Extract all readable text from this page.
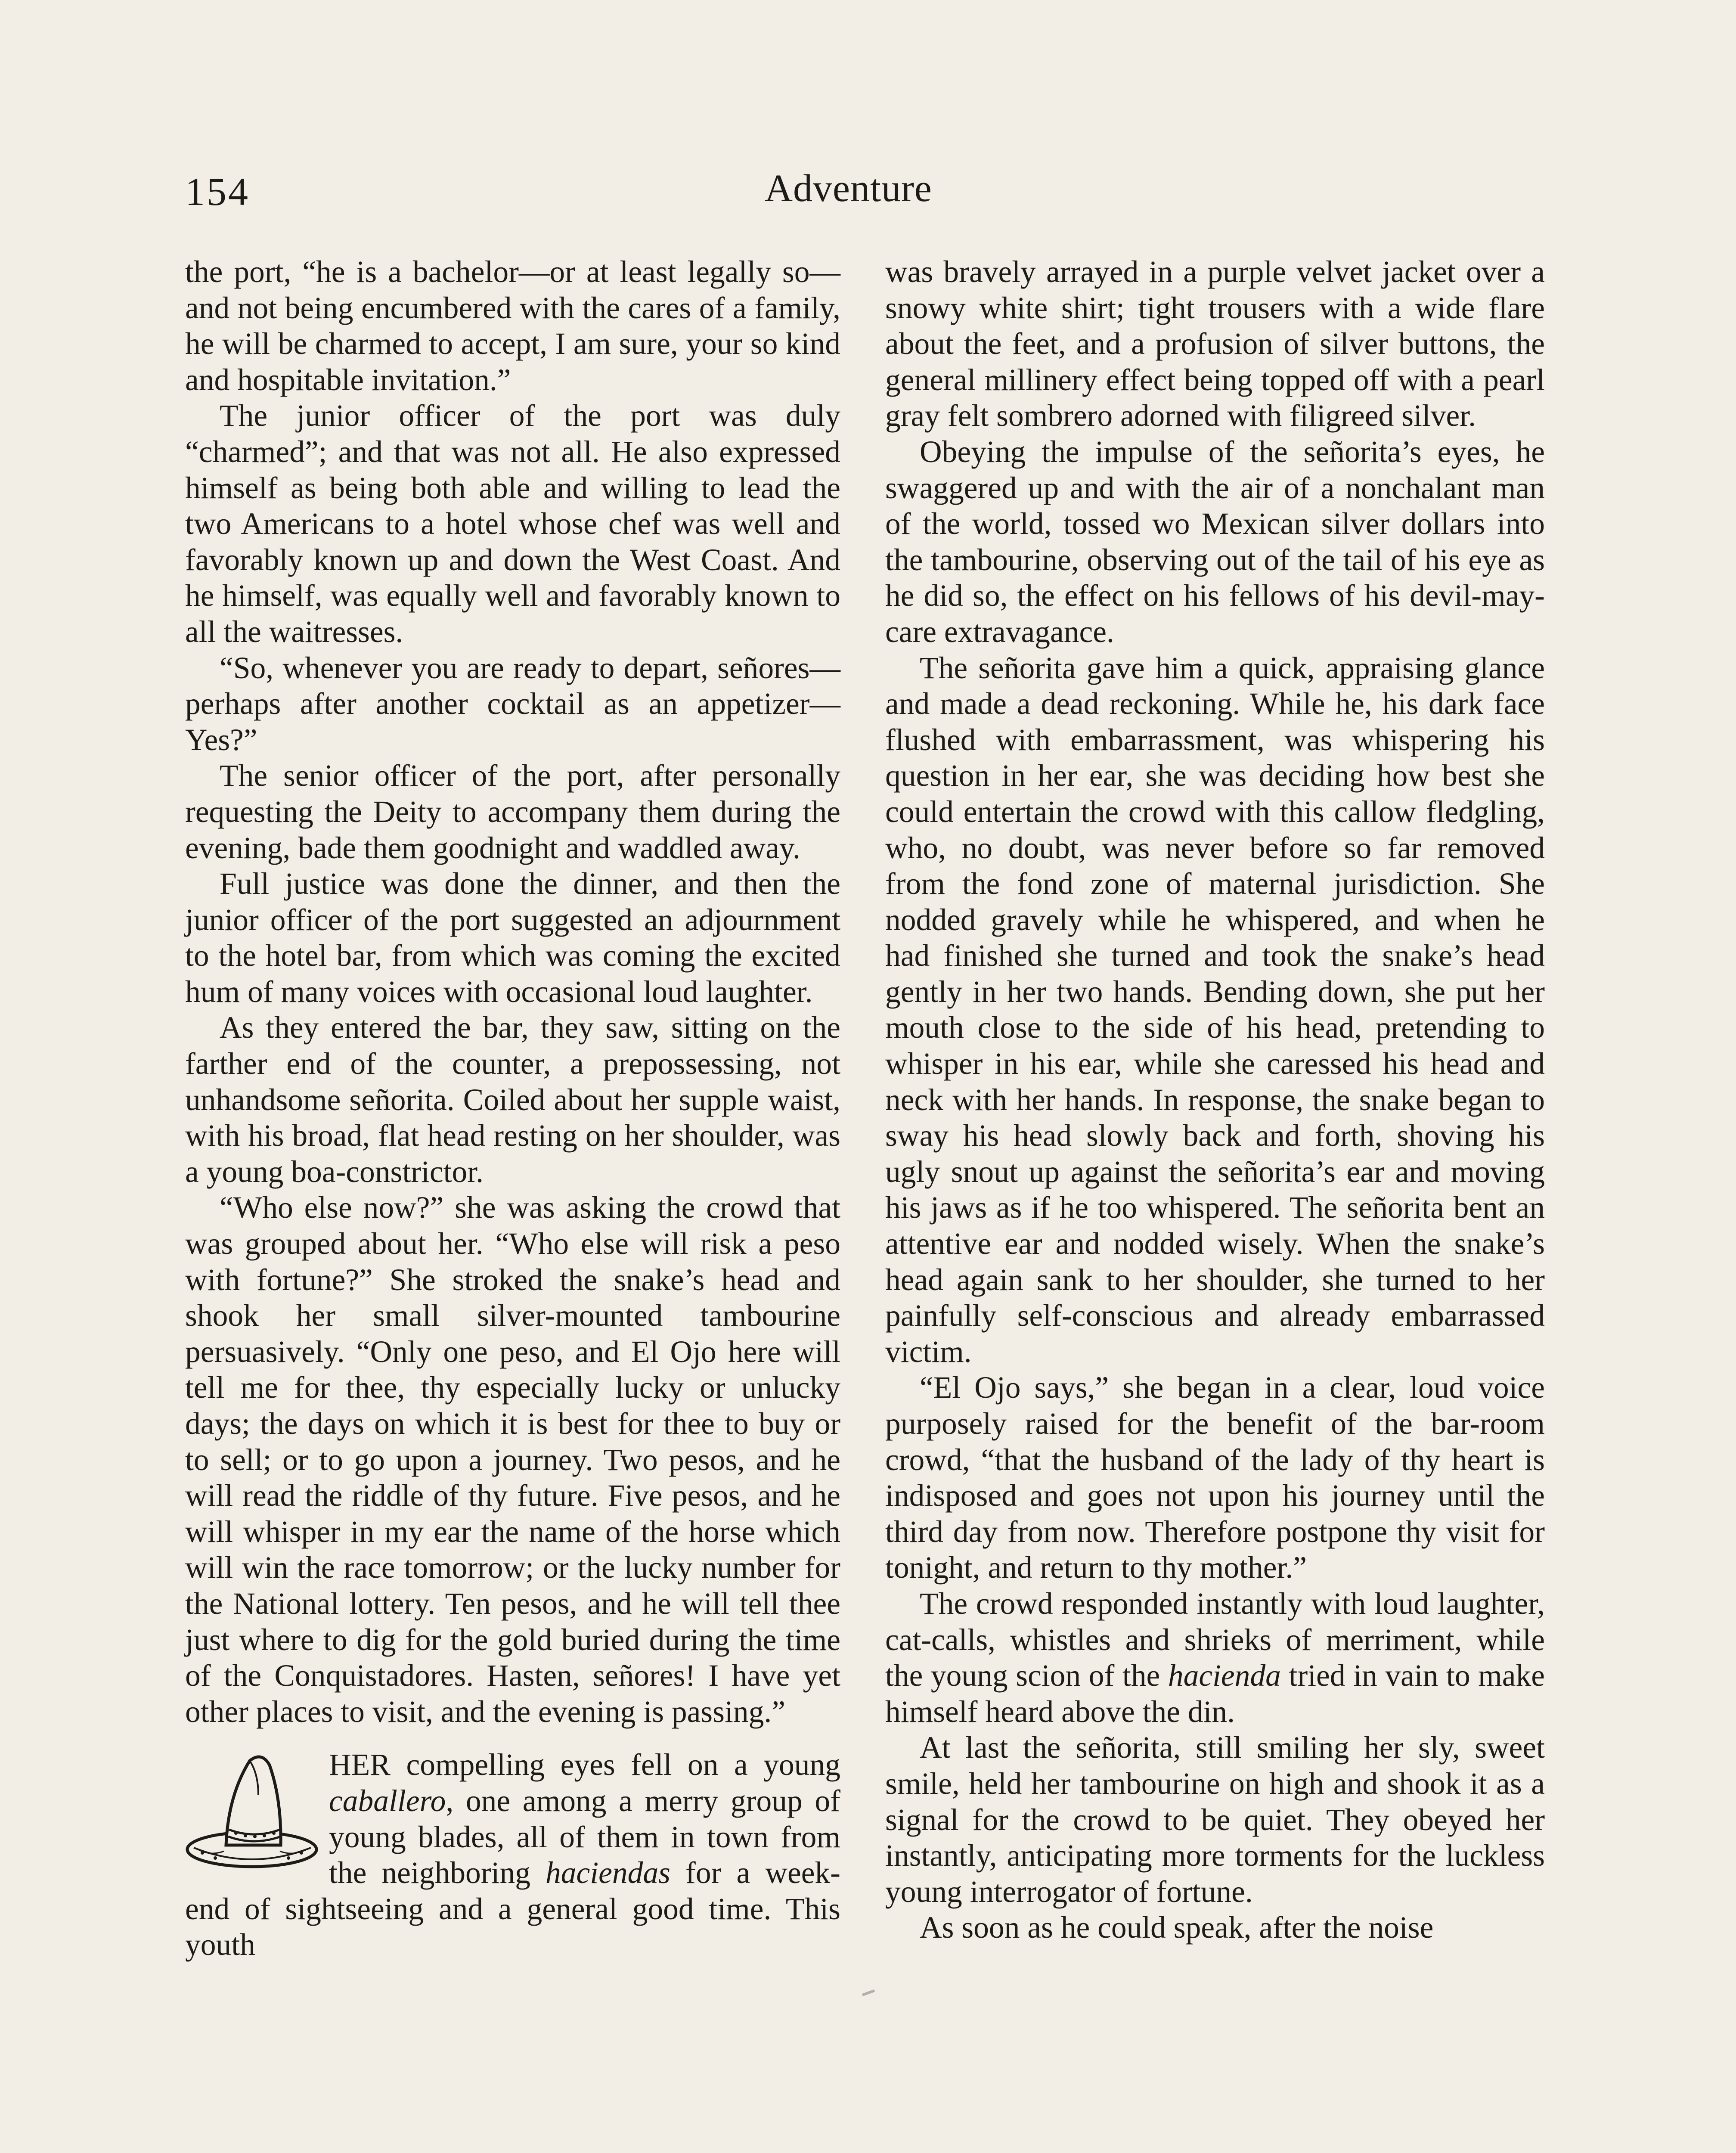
154	Adventure

the port, “he is a bachelor—or at least legally so—and not being encumbered with the cares of a family, he will be charmed to accept, I am sure, your so kind and hospitable invitation.”

The junior officer of the port was duly “charmed”; and that was not all. He also expressed himself as being both able and willing to lead the two Americans to a hotel whose chef was well and favorably known up and down the West Coast. And he himself, was equally well and favorably known to all the waitresses.

“So, whenever you are ready to depart, señores—perhaps after another cocktail as an appetizer— Yes?”

The senior officer of the port, after personally requesting the Deity to accompany them during the evening, bade them goodnight and waddled away.

Full justice was done the dinner, and then the junior officer of the port suggested an adjournment to the hotel bar, from which was coming the excited hum of many voices with occasional loud laughter.

As they entered the bar, they saw, sitting on the farther end of the counter, a prepossessing, not unhandsome señorita. Coiled about her supple waist, with his broad, flat head resting on her shoulder, was a young boa-constrictor.

“Who else now?” she was asking the crowd that was grouped about her. “Who else will risk a peso with fortune?” She stroked the snake’s head and shook her small silver-mounted tambourine persuasively. “Only one peso, and El Ojo here will tell me for thee, thy especially lucky or unlucky days; the days on which it is best for thee to buy or to sell; or to go upon a journey. Two pesos, and he will read the riddle of thy future. Five pesos, and he will whisper in my ear the name of the horse which will win the race tomorrow; or the lucky number for the National lottery. Ten pesos, and he will tell thee just where to dig for the gold buried during the time of the Conquistadores. Hasten, señores! I have yet other places to visit, and the evening is passing.”

HER compelling eyes fell on a young caballero, one among a merry group of young blades, all of them in town from the neighboring haciendas for a week-end of sightseeing and a general good time. This youth

was bravely arrayed in a purple velvet jacket over a snowy white shirt; tight trousers with a wide flare about the feet, and a profusion of silver buttons, the general millinery effect being topped off with a pearl gray felt sombrero adorned with filigreed silver.

Obeying the impulse of the señorita’s eyes, he swaggered up and with the air of a nonchalant man of the world, tossed wo Mexican silver dollars into the tambourine, observing out of the tail of his eye as he did so, the effect on his fellows of his devil-may-care extravagance.

The señorita gave him a quick, appraising glance and made a dead reckoning. While he, his dark face flushed with embarrassment, was whispering his question in her ear, she was deciding how best she could entertain the crowd with this callow fledgling, who, no doubt, was never before so far removed from the fond zone of maternal jurisdiction. She nodded gravely while he whispered, and when he had finished she turned and took the snake’s head gently in her two hands. Bending down, she put her mouth close to the side of his head, pretending to whisper in his ear, while she caressed his head and neck with her hands. In response, the snake began to sway his head slowly back and forth, shoving his ugly snout up against the señorita’s ear and moving his jaws as if he too whispered. The señorita bent an attentive ear and nodded wisely. When the snake’s head again sank to her shoulder, she turned to her painfully self-conscious and already embarrassed victim.

“El Ojo says,” she began in a clear, loud voice purposely raised for the benefit of the bar-room crowd, “that the husband of the lady of thy heart is indisposed and goes not upon his journey until the third day from now. Therefore postpone thy visit for tonight, and return to thy mother.”

The crowd responded instantly with loud laughter, cat-calls, whistles and shrieks of merriment, while the young scion of the hacienda tried in vain to make himself heard above the din.

At last the señorita, still smiling her sly, sweet smile, held her tambourine on high and shook it as a signal for the crowd to be quiet. They obeyed her instantly, anticipating more torments for the luckless young interrogator of fortune.

As soon as he could speak, after the noise
